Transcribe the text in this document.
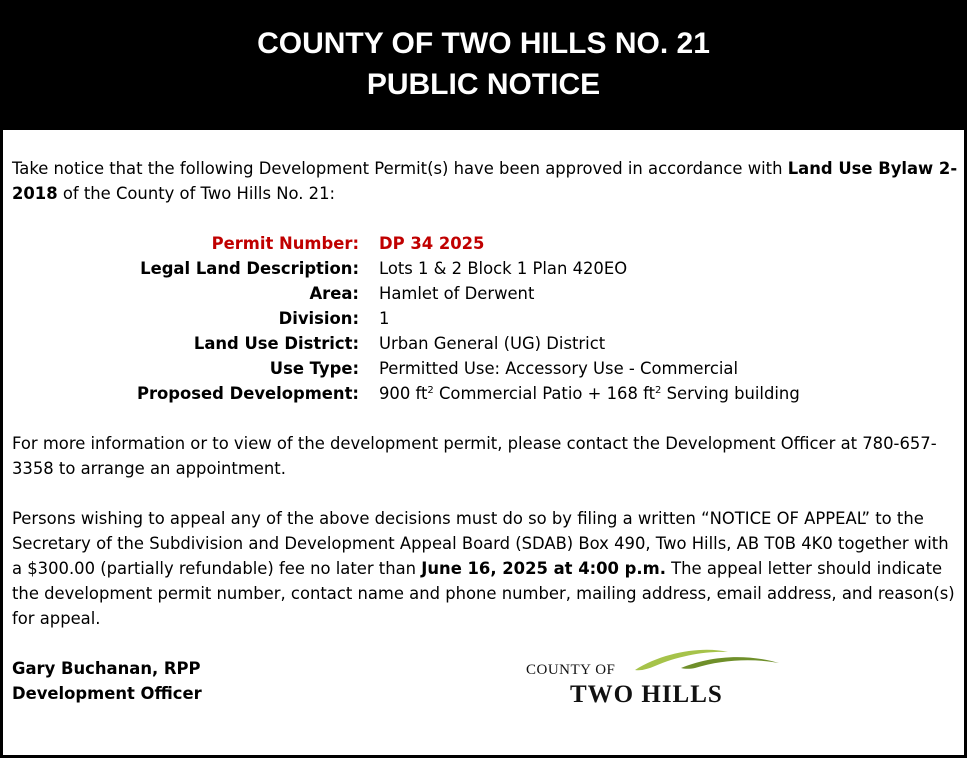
COUNTY OF TWO HILLS NO. 21
PUBLIC NOTICE
Take notice that the following Development Permit(s) have been approved in accordance with Land Use Bylaw 2-2018 of the County of Two Hills No. 21:
Permit Number: DP 34 2025
Legal Land Description: Lots 1 & 2 Block 1 Plan 420EO
Area: Hamlet of Derwent
Division: 1
Land Use District: Urban General (UG) District
Use Type: Permitted Use: Accessory Use - Commercial
Proposed Development: 900 $ft^2$ Commercial Patio + 168 $ft^2$ Serving building
For more information or to view of the development permit, please contact the Development Officer at 780-657-3358 to arrange an appointment.
Persons wishing to appeal any of the above decisions must do so by filing a written “NOTICE OF APPEAL” to the Secretary of the Subdivision and Development Appeal Board (SDAB) Box 490, Two Hills, AB T0B 4K0 together with a $300.00 (partially refundable) fee no later than June 16, 2025 at 4:00 p.m. The appeal letter should indicate the development permit number, contact name and phone number, mailing address, email address, and reason(s) for appeal.
Gary Buchanan, RPP
Development Officer
COUNTY OF
TWO HILLS
